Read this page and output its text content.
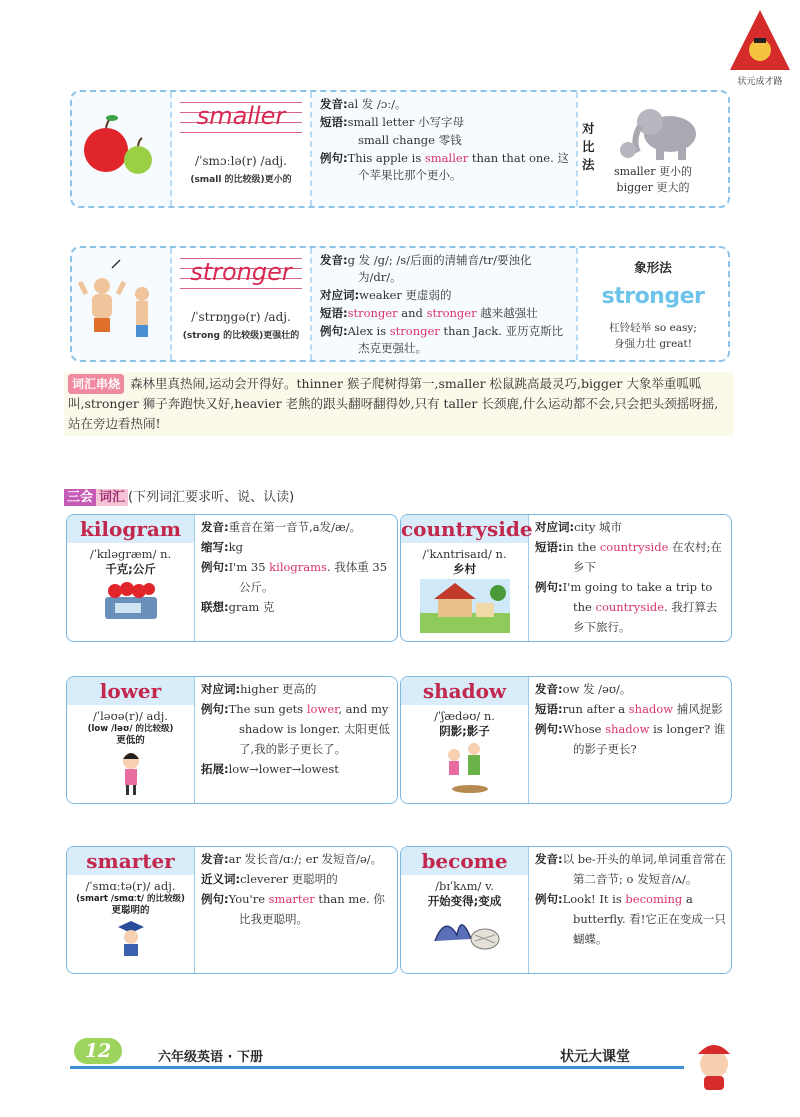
状元成才路
smaller
/ˈsmɔːlə(r) /adj.
(small 的比较级)更小的
发音:al 发 /ɔː/。
短语:small letter 小写字母
small change 零钱
例句:This apple is smaller than that one. 这个苹果比那个更小。
对比法	smaller 更小的
bigger 更大的
stronger
/ˈstrɒŋgə(r) /adj.
(strong 的比较级)更强壮的
发音:g 发 /g/; /s/后面的清辅音/tr/要浊化为/dr/。
对应词:weaker 更虚弱的
短语:stronger and stronger 越来越强壮
例句:Alex is stronger than Jack. 亚历克斯比杰克更强壮。
象形法
stronger
杠铃轻举 so easy;
身强力壮 great!
词汇串烧 森林里真热闹,运动会开得好。thinner 猴子爬树得第一,smaller 松鼠跳高最灵巧,bigger 大象举重呱呱叫,stronger 狮子奔跑快又好,heavier 老熊的跟头翻呀翻得妙,只有 taller 长颈鹿,什么运动都不会,只会把头颈摇呀摇,站在旁边看热闹!
三会 词汇 (下列词汇要求听、说、认读)
kilogram
/ˈkɪləgræm/ n.
千克;公斤
发音:重音在第一音节,a发/æ/。
缩写:kg
例句:I'm 35 kilograms. 我体重 35 公斤。
联想:gram 克
countryside
/ˈkʌntrisaɪd/ n.
乡村
对应词:city 城市
短语:in the countryside 在农村;在乡下
例句:I'm going to take a trip to the countryside. 我打算去乡下旅行。
lower
/ˈləʊə(r)/ adj.
(low /ləʊ/ 的比较级)
更低的
对应词:higher 更高的
例句:The sun gets lower, and my shadow is longer. 太阳更低了,我的影子更长了。
拓展:low→lower→lowest
shadow
/ˈʃædəʊ/ n.
阴影;影子
发音:ow 发 /əʊ/。
短语:run after a shadow 捕风捉影
例句:Whose shadow is longer? 谁的影子更长?
smarter
/ˈsmɑːtə(r)/ adj.
(smart /smɑːt/ 的比较级)
更聪明的
发音:ar 发长音/ɑː/; er 发短音/ə/。
近义词:cleverer 更聪明的
例句:You're smarter than me. 你比我更聪明。
become
/bɪˈkʌm/ v.
开始变得;变成
发音:以 be-开头的单词,单词重音常在第二音节; o 发短音/ʌ/。
例句:Look! It is becoming a butterfly. 看!它正在变成一只蝴蝶。
12	六年级英语 · 下册	状元大课堂
